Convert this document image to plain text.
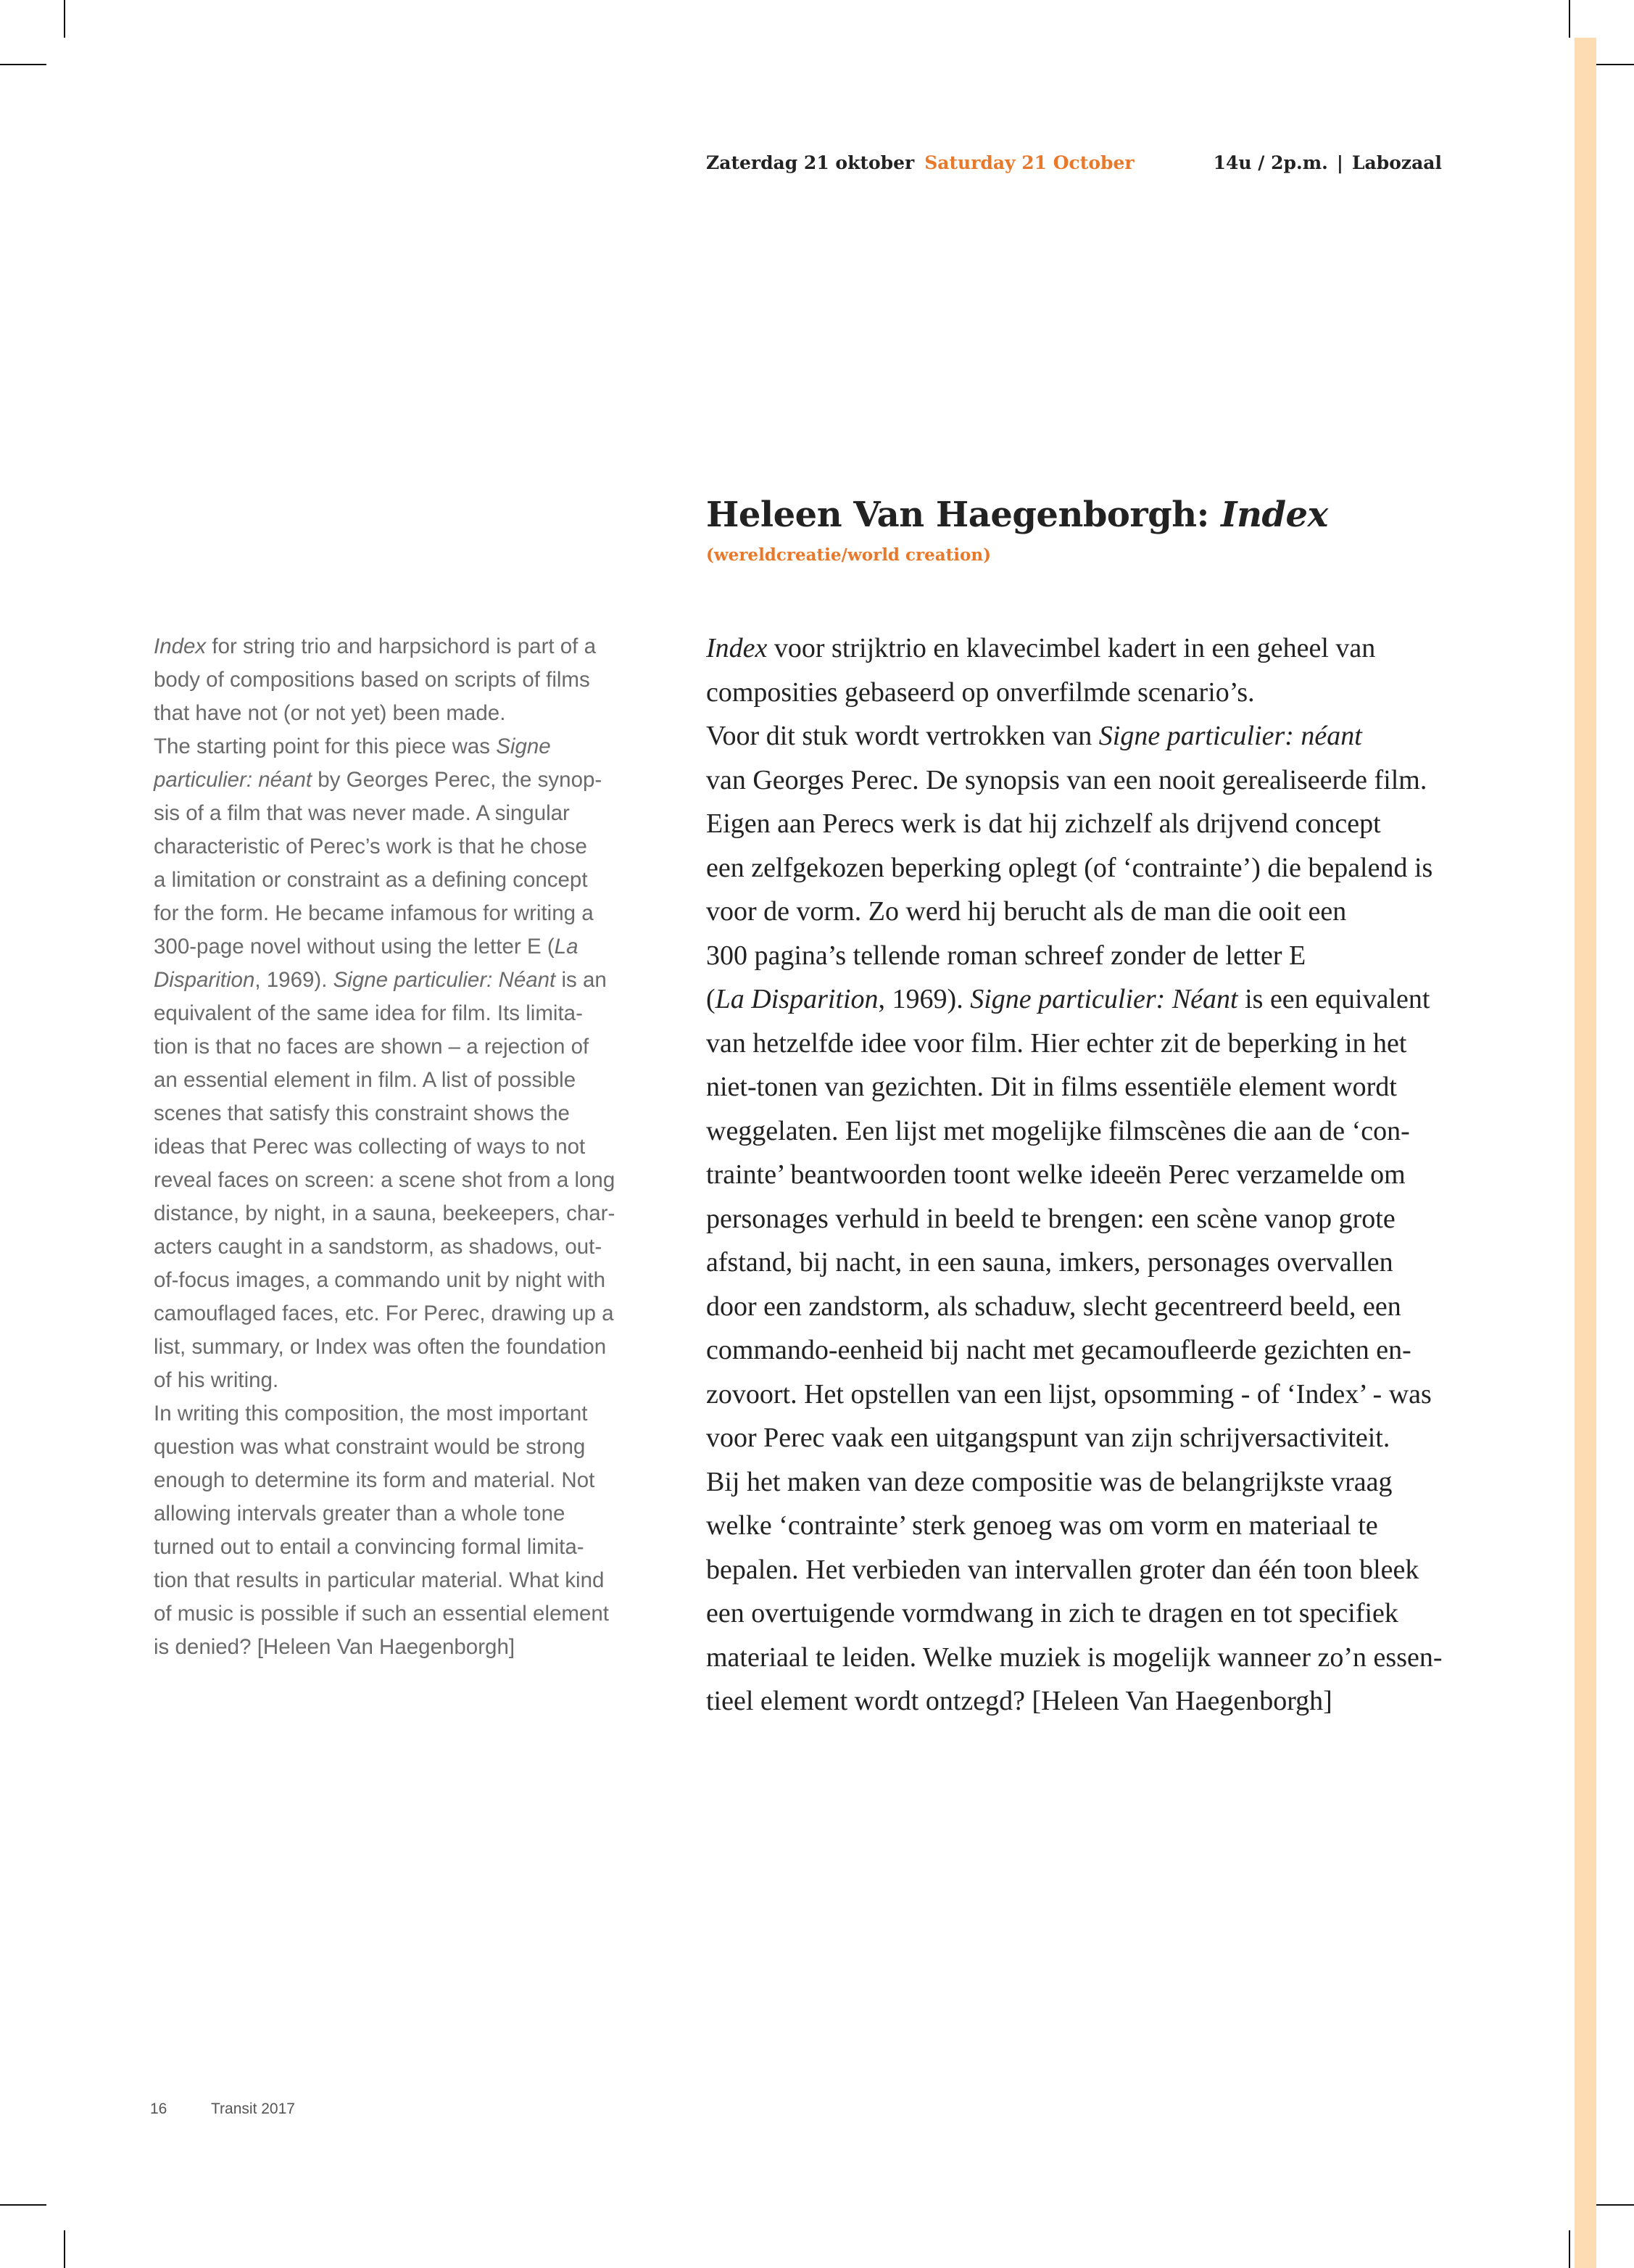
Zaterdag 21 oktober Saturday 21 October	14u / 2p.m. | Labozaal
Heleen Van Haegenborgh: Index
(wereldcreatie/world creation)

Index for string trio and harpsichord is part of a

body of compositions based on scripts of films

that have not (or not yet) been made.

The starting point for this piece was Signe

particulier: néant by Georges Perec, the synop-

sis of a film that was never made. A singular

characteristic of Perec’s work is that he chose

a limitation or constraint as a defining concept

for the form. He became infamous for writing a

300-page novel without using the letter E (La

Disparition, 1969). Signe particulier: Néant is an

equivalent of the same idea for film. Its limita-

tion is that no faces are shown – a rejection of

an essential element in film. A list of possible

scenes that satisfy this constraint shows the

ideas that Perec was collecting of ways to not

reveal faces on screen: a scene shot from a long

distance, by night, in a sauna, beekeepers, char-

acters caught in a sandstorm, as shadows, out-

of-focus images, a commando unit by night with

camouflaged faces, etc. For Perec, drawing up a

list, summary, or Index was often the foundation

of his writing.

In writing this composition, the most important

question was what constraint would be strong

enough to determine its form and material. Not

allowing intervals greater than a whole tone

turned out to entail a convincing formal limita-

tion that results in particular material. What kind

of music is possible if such an essential element

is denied? [Heleen Van Haegenborgh]

Index voor strijktrio en klavecimbel kadert in een geheel van

composities gebaseerd op onverfilmde scenario’s.

Voor dit stuk wordt vertrokken van Signe particulier: néant

van Georges Perec. De synopsis van een nooit gerealiseerde film.

Eigen aan Perecs werk is dat hij zichzelf als drijvend concept

een zelfgekozen beperking oplegt (of ‘contrainte’) die bepalend is

voor de vorm. Zo werd hij berucht als de man die ooit een

300 pagina’s tellende roman schreef zonder de letter E

(La Disparition, 1969). Signe particulier: Néant is een equivalent

van hetzelfde idee voor film. Hier echter zit de beperking in het

niet-tonen van gezichten. Dit in films essentiële element wordt

weggelaten. Een lijst met mogelijke filmscènes die aan de ‘con-

trainte’ beantwoorden toont welke ideeën Perec verzamelde om

personages verhuld in beeld te brengen: een scène vanop grote

afstand, bij nacht, in een sauna, imkers, personages overvallen

door een zandstorm, als schaduw, slecht gecentreerd beeld, een

commando-eenheid bij nacht met gecamoufleerde gezichten en-

zovoort. Het opstellen van een lijst, opsomming - of ‘Index’ - was

voor Perec vaak een uitgangspunt van zijn schrijversactiviteit.

Bij het maken van deze compositie was de belangrijkste vraag

welke ‘contrainte’ sterk genoeg was om vorm en materiaal te

bepalen. Het verbieden van intervallen groter dan één toon bleek

een overtuigende vormdwang in zich te dragen en tot specifiek

materiaal te leiden. Welke muziek is mogelijk wanneer zo’n essen-

tieel element wordt ontzegd? [Heleen Van Haegenborgh]

16	Transit 2017
